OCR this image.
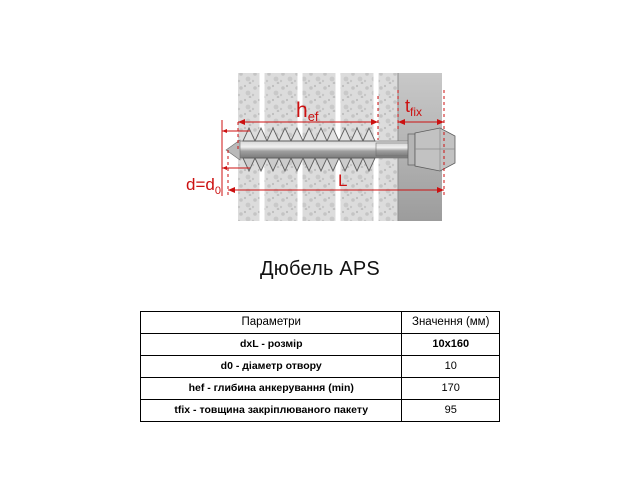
hef
$t_{fix}$
$d=d_0$
L
Дюбель APS
Параметри	Значення (мм)
dxL - розмір	10x160
d0 - діаметр отвору	10
hef - глибина анкерування (min)	170
tfix - товщина закріплюваного пакету	95
